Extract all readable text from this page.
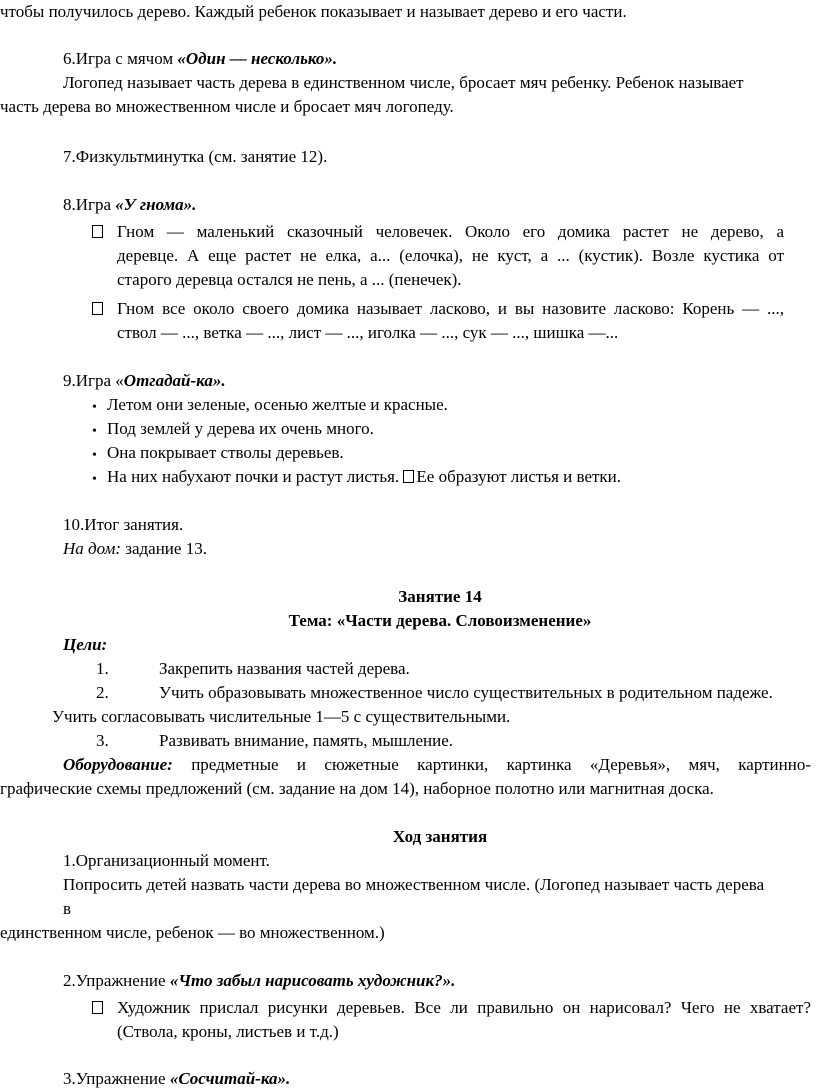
чтобы получилось дерево. Каждый ребенок показывает и называет дерево и его части.

6.Игра с мячом «Один — несколько».

Логопед называет часть дерева в единственном числе, бросает мяч ребенку. Ребенок называет

часть дерева во множественном числе и бросает мяч логопеду.

7.Физкультминутка (см. занятие 12).

8.Игра «У гнома».

Гном — маленький сказочный человечек. Около его домика растет не дерево, а

деревце. А еще растет не елка, а... (елочка), не куст, а ... (кустик). Возле кустика от

старого деревца остался не пень, а ... (пенечек).

Гном все около своего домика называет ласково, и вы назовите ласково: Корень — ...,

ствол — ..., ветка — ..., лист — ..., иголка — ..., сук — ..., шишка —...

9.Игра «Отгадай-ка».

• Летом они зеленые, осенью желтые и красные.

• Под землей у дерева их очень много.

• Она покрывает стволы деревьев.

• На них набухают почки и растут листья. Ее образуют листья и ветки.

10.Итог занятия.

На дом: задание 13.

Занятие 14

Тема: «Части дерева. Словоизменение»

Цели:

1.	Закрепить названия частей дерева.

2.	Учить образовывать множественное число существительных в родительном падеже.

Учить согласовывать числительные 1—5 с существительными.

3.	Развивать внимание, память, мышление.

Оборудование: предметные и сюжетные картинки, картинка «Деревья», мяч, картинно-

графические схемы предложений (см. задание на дом 14), наборное полотно или магнитная доска.

Ход занятия

1.Организационный момент.

Попросить детей назвать части дерева во множественном числе. (Логопед называет часть дерева

в

единственном числе, ребенок — во множественном.)

2.Упражнение «Что забыл нарисовать художник?».

Художник прислал рисунки деревьев. Все ли правильно он нарисовал? Чего не хватает?

(Ствола, кроны, листьев и т.д.)

3.Упражнение «Сосчитай-ка».
